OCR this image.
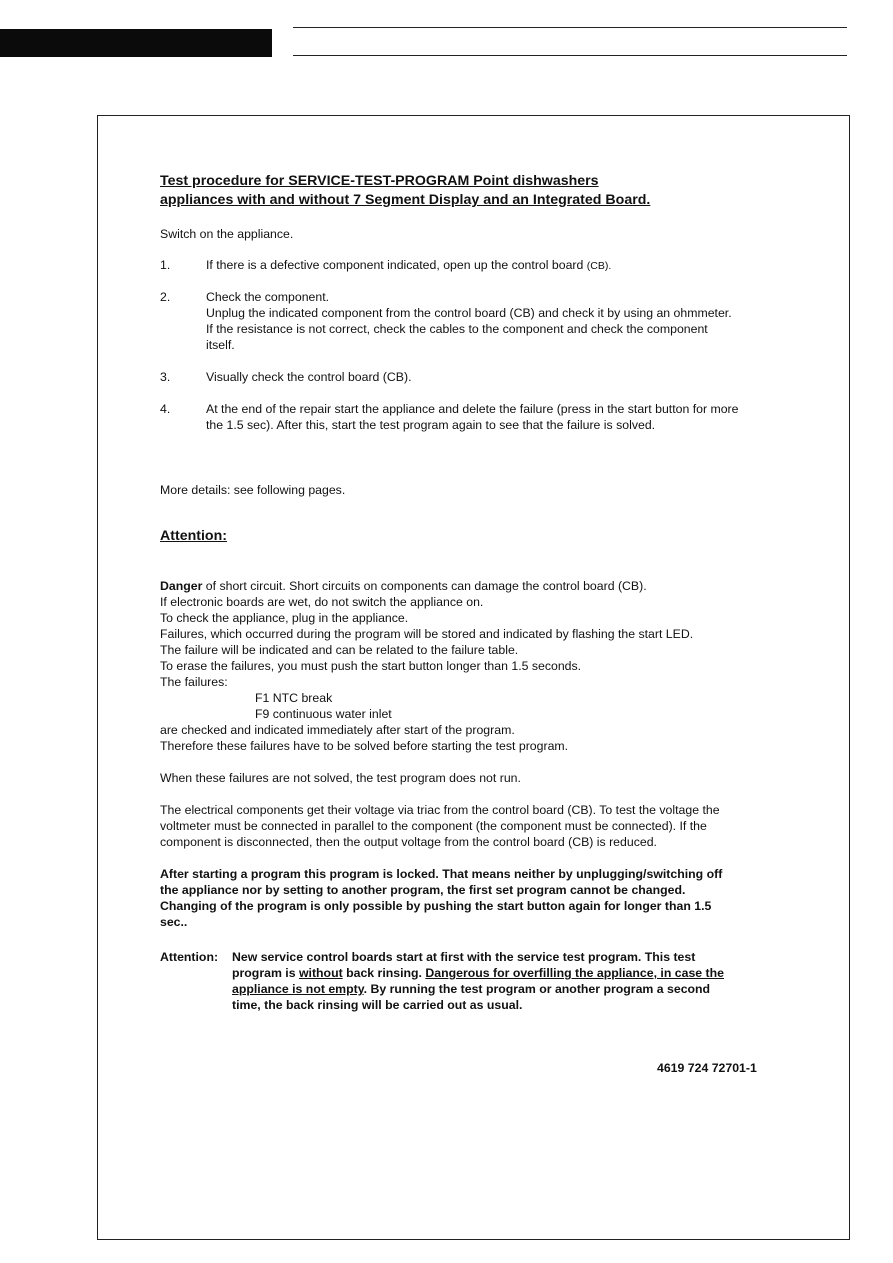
Test procedure for SERVICE-TEST-PROGRAM Point dishwashers
appliances with and without 7 Segment Display and an Integrated Board.
Switch on the appliance.
1.	If there is a defective component indicated, open up the control board (CB).
2.	Check the component.
Unplug the indicated component from the control board (CB) and check it by using an ohmmeter.
If the resistance is not correct, check the cables to the component and check the component
itself.
3.	Visually check the control board (CB).
4.	At the end of the repair start the appliance and delete the failure (press in the start button for more
the 1.5 sec). After this, start the test program again to see that the failure is solved.
More details: see following pages.
Attention:
Danger of short circuit. Short circuits on components can damage the control board (CB).
If electronic boards are wet, do not switch the appliance on.
To check the appliance, plug in the appliance.
Failures, which occurred during the program will be stored and indicated by flashing the start LED.
The failure will be indicated and can be related to the failure table.
To erase the failures, you must push the start button longer than 1.5 seconds.
The failures:
F1 NTC break
F9 continuous water inlet
are checked and indicated immediately after start of the program.
Therefore these failures have to be solved before starting the test program.
When these failures are not solved, the test program does not run.
The electrical components get their voltage via triac from the control board (CB). To test the voltage the
voltmeter must be connected in parallel to the component (the component must be connected). If the
component is disconnected, then the output voltage from the control board (CB) is reduced.
After starting a program this program is locked. That means neither by unplugging/switching off
the appliance nor by setting to another program, the first set program cannot be changed.
Changing of the program is only possible by pushing the start button again for longer than 1.5
sec..
Attention: New service control boards start at first with the service test program. This test
program is without back rinsing. Dangerous for overfilling the appliance, in case the
appliance is not empty. By running the test program or another program a second
time, the back rinsing will be carried out as usual.
4619 724 72701-1
